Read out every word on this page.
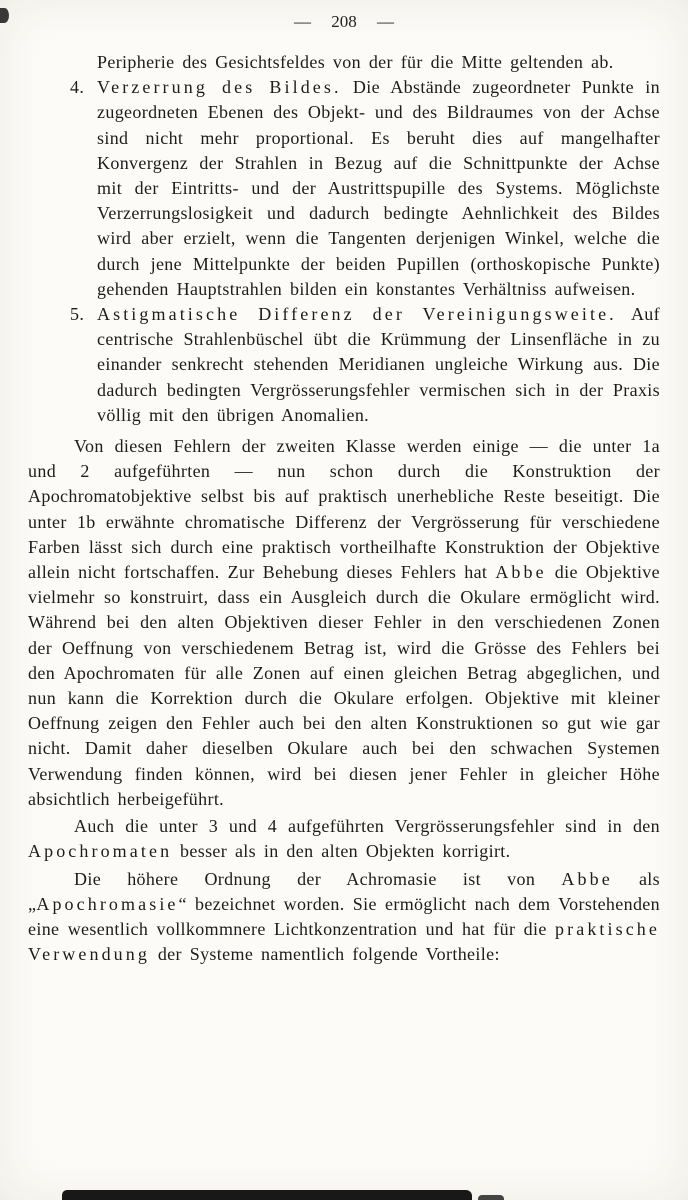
— 208 —

Peripherie des Gesichtsfeldes von der für die Mitte geltenden ab.

4. Verzerrung des Bildes. Die Abstände zugeordneter Punkte in zugeordneten Ebenen des Objekt- und des Bildraumes von der Achse sind nicht mehr proportional. Es beruht dies auf mangelhafter Konvergenz der Strahlen in Bezug auf die Schnittpunkte der Achse mit der Eintritts- und der Austrittspupille des Systems. Möglichste Verzerrungslosigkeit und dadurch bedingte Aehnlichkeit des Bildes wird aber erzielt, wenn die Tangenten derjenigen Winkel, welche die durch jene Mittelpunkte der beiden Pupillen (orthoskopische Punkte) gehenden Hauptstrahlen bilden ein konstantes Verhältniss aufweisen.
5. Astigmatische Differenz der Vereinigungsweite. Auf centrische Strahlenbüschel übt die Krümmung der Linsenfläche in zu einander senkrecht stehenden Meridianen ungleiche Wirkung aus. Die dadurch bedingten Vergrösserungsfehler vermischen sich in der Praxis völlig mit den übrigen Anomalien.

Von diesen Fehlern der zweiten Klasse werden einige — die unter 1a und 2 aufgeführten — nun schon durch die Konstruktion der Apochromatobjektive selbst bis auf praktisch unerhebliche Reste beseitigt. Die unter 1b erwähnte chromatische Differenz der Vergrösserung für verschiedene Farben lässt sich durch eine praktisch vortheilhafte Konstruktion der Objektive allein nicht fortschaffen. Zur Behebung dieses Fehlers hat Abbe die Objektive vielmehr so konstruirt, dass ein Ausgleich durch die Okulare ermöglicht wird. Während bei den alten Objektiven dieser Fehler in den verschiedenen Zonen der Oeffnung von verschiedenem Betrag ist, wird die Grösse des Fehlers bei den Apochromaten für alle Zonen auf einen gleichen Betrag abgeglichen, und nun kann die Korrektion durch die Okulare erfolgen. Objektive mit kleiner Oeffnung zeigen den Fehler auch bei den alten Konstruktionen so gut wie gar nicht. Damit daher dieselben Okulare auch bei den schwachen Systemen Verwendung finden können, wird bei diesen jener Fehler in gleicher Höhe absichtlich herbeigeführt.

Auch die unter 3 und 4 aufgeführten Vergrösserungsfehler sind in den Apochromaten besser als in den alten Objekten korrigirt.

Die höhere Ordnung der Achromasie ist von Abbe als „Apochromasie“ bezeichnet worden. Sie ermöglicht nach dem Vorstehenden eine wesentlich vollkommnere Lichtkonzentration und hat für die praktische Verwendung der Systeme namentlich folgende Vortheile:
